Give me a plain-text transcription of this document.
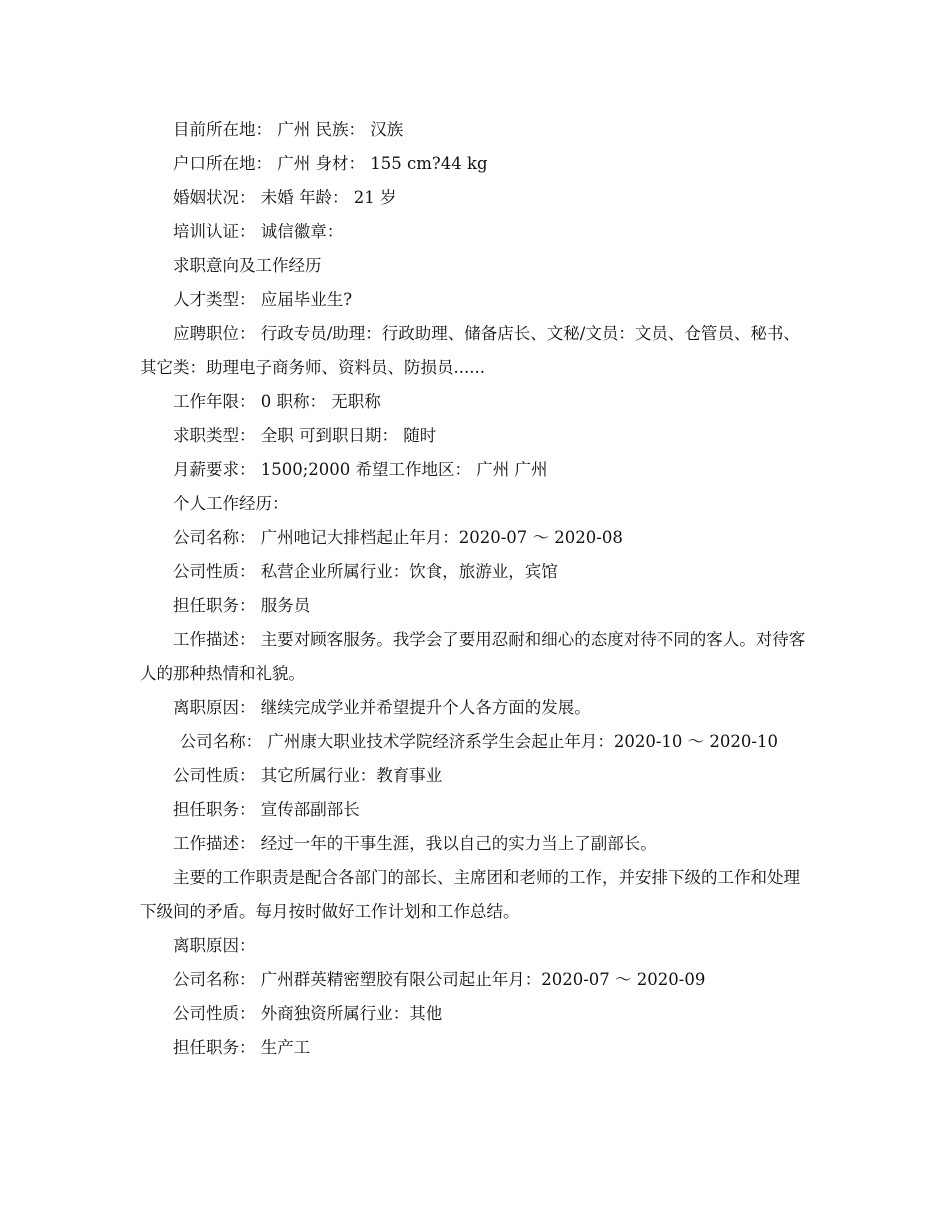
目前所在地： 广州 民族： 汉族

户口所在地： 广州 身材： 155 cm?44 kg

婚姻状况： 未婚 年龄： 21 岁

培训认证： 诚信徽章：

求职意向及工作经历

人才类型： 应届毕业生?

应聘职位： 行政专员/助理：行政助理、储备店长、文秘/文员：文员、仓管员、秘书、其它类：助理电子商务师、资料员、防损员......

工作年限： 0 职称： 无职称

求职类型： 全职 可到职日期： 随时

月薪要求： 1500;2000 希望工作地区： 广州 广州

个人工作经历：

公司名称： 广州吔记大排档起止年月：2020-07 ～ 2020-08

公司性质： 私营企业所属行业：饮食，旅游业，宾馆

担任职务： 服务员

工作描述： 主要对顾客服务。我学会了要用忍耐和细心的态度对待不同的客人。对待客人的那种热情和礼貌。

离职原因： 继续完成学业并希望提升个人各方面的发展。

公司名称： 广州康大职业技术学院经济系学生会起止年月：2020-10 ～ 2020-10

公司性质： 其它所属行业：教育事业

担任职务： 宣传部副部长

工作描述： 经过一年的干事生涯，我以自己的实力当上了副部长。

主要的工作职责是配合各部门的部长、主席团和老师的工作，并安排下级的工作和处理下级间的矛盾。每月按时做好工作计划和工作总结。

离职原因：

公司名称： 广州群英精密塑胶有限公司起止年月：2020-07 ～ 2020-09

公司性质： 外商独资所属行业：其他

担任职务： 生产工
